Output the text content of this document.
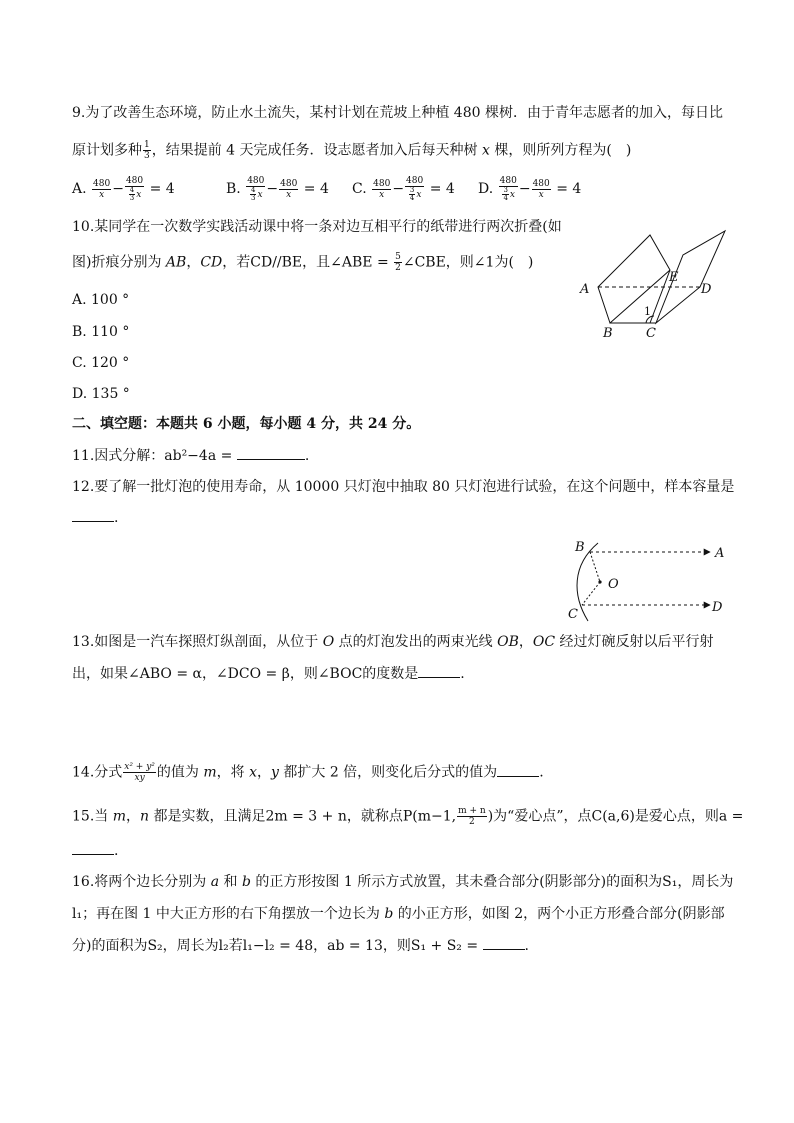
9.为了改善生态环境，防止水土流失，某村计划在荒坡上种植 480 棵树．由于青年志愿者的加入，每日比
原计划多种 $\frac{1}{3}$ ，结果提前 4 天完成任务．设志愿者加入后每天种树 x 棵，则所列方程为(　)
A. $\frac{480}{x} - \frac{480}{\frac{4}{3} x} = 4$	B. $\frac{480}{\frac{4}{3} x} - \frac{480}{x} = 4$ C. $\frac{480}{x} - \frac{480}{\frac{3}{4} x} = 4$ D. $\frac{480}{\frac{3}{4} x} - \frac{480}{x} = 4$
10.某同学在一次数学实践活动课中将一条对边互相平行的纸带进行两次折叠(如
图)折痕分别为 AB，CD，若CD//BE，且∠ABE = $\frac{5}{2}$ ∠CBE，则∠1为(　)
A. 100 °
B. 110 °
C. 120 °
D. 135 °
A
B	C
D
E
1
二、填空题：本题共 6 小题，每小题 4 分，共 24 分。
11.因式分解：ab²−4a =	.
12.要了解一批灯泡的使用寿命，从 10000 只灯泡中抽取 80 只灯泡进行试验，在这个问题中，样本容量是
.
B	A
O
C	D
13.如图是一汽车探照灯纵剖面，从位于 O 点的灯泡发出的两束光线 OB，OC 经过灯碗反射以后平行射
出，如果∠ABO = α，∠DCO = β，则∠BOC的度数是	.
14.分式 $\frac{\text{x² + y²}}{xy}$ 的值为 m，将 x，y 都扩大 2 倍，则变化后分式的值为	.
15.当 m，n 都是实数，且满足2m = 3 + n，就称点P(m−1, $\frac{m + n}{2}$ )为“爱心点”，点C(a,6)是爱心点，则a =
.
16.将两个边长分别为 a 和 b 的正方形按图 1 所示方式放置，其未叠合部分(阴影部分)的面积为S₁，周长为
l₁；再在图 1 中大正方形的右下角摆放一个边长为 b 的小正方形，如图 2，两个小正方形叠合部分(阴影部
分)的面积为S₂，周长为l₂若l₁−l₂ = 48，ab = 13，则S₁ + S₂ =	.
